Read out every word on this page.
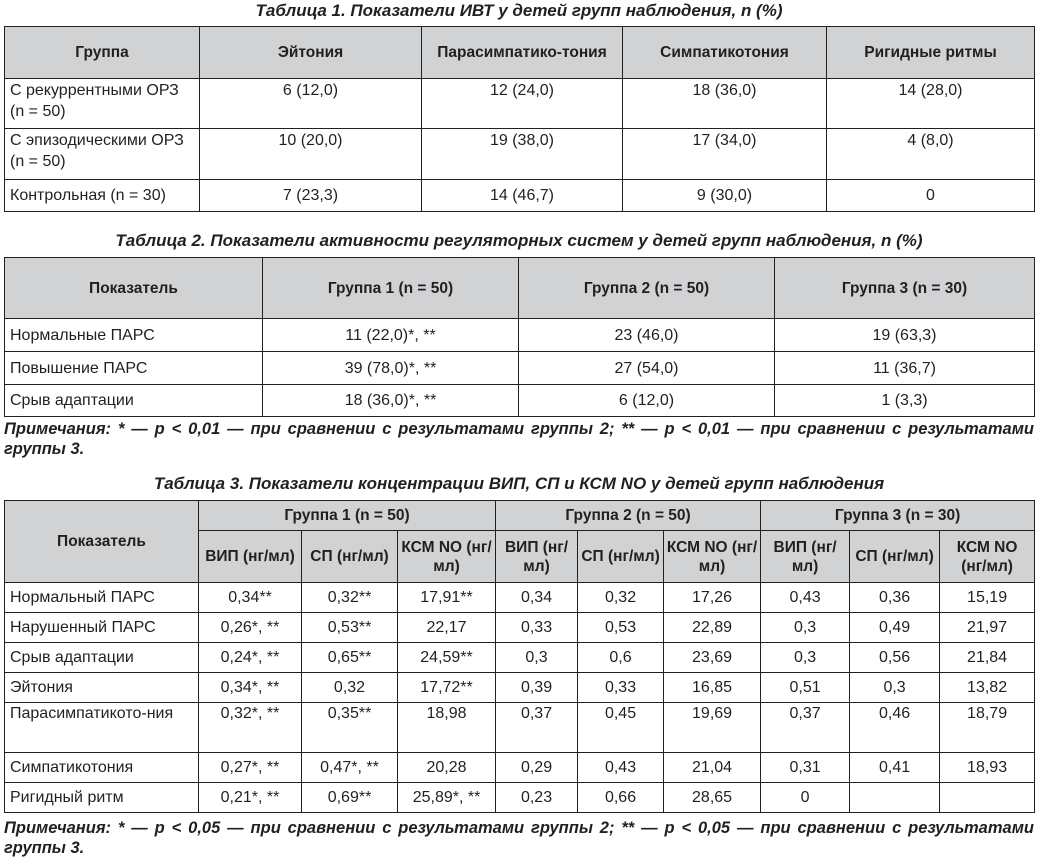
Таблица 1. Показатели ИВТ у детей групп наблюдения, n (%)
Группа	Эйтония	Парасимпатико-тония	Симпатикотония	Ригидные ритмы
С рекуррентными ОРЗ (n = 50)	6 (12,0)	12 (24,0)	18 (36,0)	14 (28,0)
С эпизодическими ОРЗ (n = 50)	10 (20,0)	19 (38,0)	17 (34,0)	4 (8,0)
Контрольная (n = 30)	7 (23,3)	14 (46,7)	9 (30,0)	0
Таблица 2. Показатели активности регуляторных систем у детей групп наблюдения, n (%)
Показатель	Группа 1 (n = 50)	Группа 2 (n = 50)	Группа 3 (n = 30)
Нормальные ПАРС	11 (22,0)*, **	23 (46,0)	19 (63,3)
Повышение ПАРС	39 (78,0)*, **	27 (54,0)	11 (36,7)
Срыв адаптации	18 (36,0)*, **	6 (12,0)	1 (3,3)
Примечания: * — p < 0,01 — при сравнении с результатами группы 2; ** — p < 0,01 — при сравнении с результатами группы 3.
Таблица 3. Показатели концентрации ВИП, СП и КСМ NO у детей групп наблюдения
Показатель	Группа 1 (n = 50)			Группа 2 (n = 50)			Группа 3 (n = 30)		
	ВИП (нг/мл)	СП (нг/мл)	КСМ NO (нг/мл)	ВИП (нг/мл)	СП (нг/мл)	КСМ NO (нг/мл)	ВИП (нг/мл)	СП (нг/мл)	КСМ NO (нг/мл)
Нормальный ПАРС	0,34**	0,32**	17,91**	0,34	0,32	17,26	0,43	0,36	15,19
Нарушенный ПАРС	0,26*, **	0,53**	22,17	0,33	0,53	22,89	0,3	0,49	21,97
Срыв адаптации	0,24*, **	0,65**	24,59**	0,3	0,6	23,69	0,3	0,56	21,84
Эйтония	0,34*, **	0,32	17,72**	0,39	0,33	16,85	0,51	0,3	13,82
Парасимпатикото-ния	0,32*, **	0,35**	18,98	0,37	0,45	19,69	0,37	0,46	18,79
Симпатикотония	0,27*, **	0,47*, **	20,28	0,29	0,43	21,04	0,31	0,41	18,93
Ригидный ритм	0,21*, **	0,69**	25,89*, **	0,23	0,66	28,65	0		
Примечания: * — p < 0,05 — при сравнении с результатами группы 2; ** — p < 0,05 — при сравнении с результатами группы 3.
